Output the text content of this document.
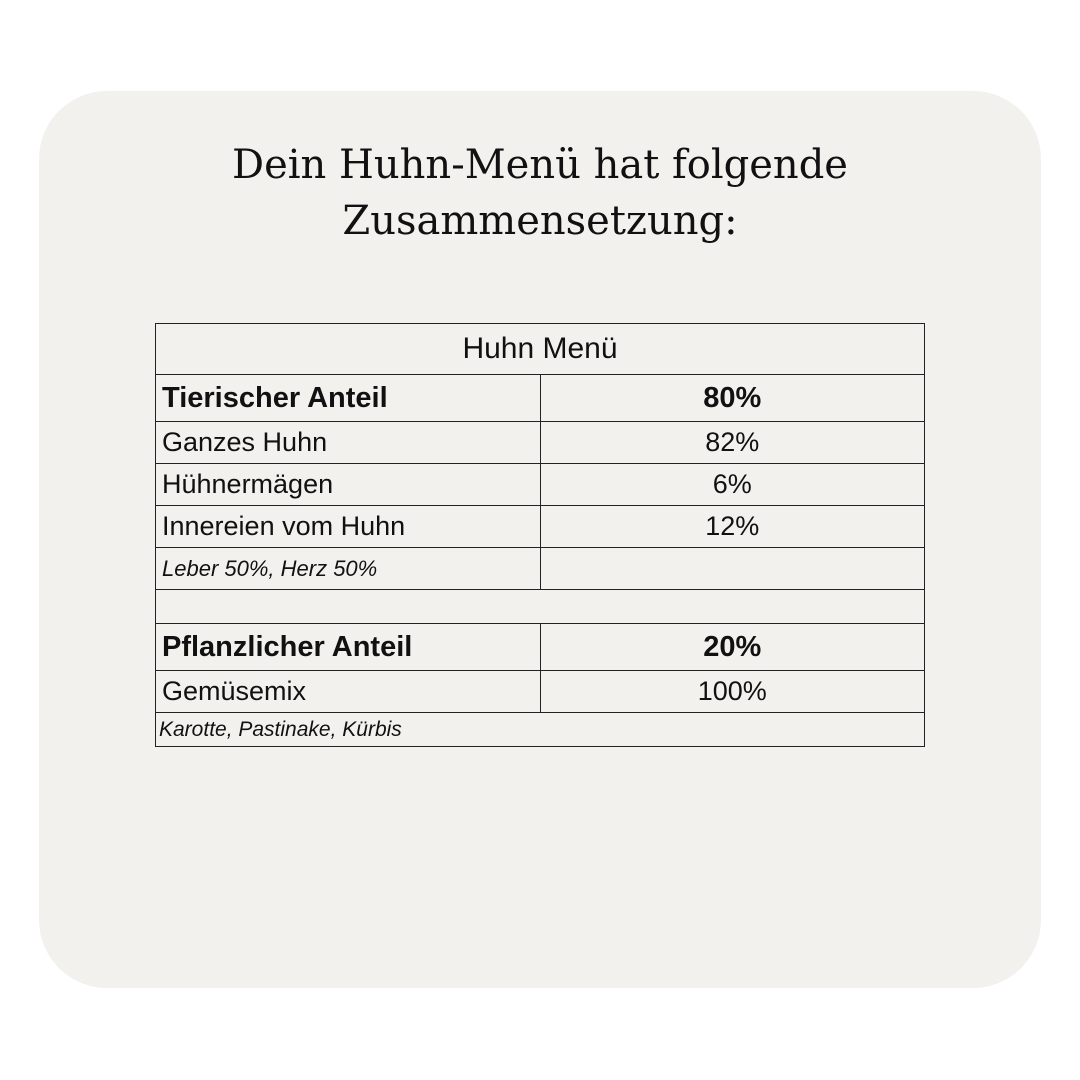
Dein Huhn-Menü hat folgende
Zusammensetzung:
Huhn Menü	
Tierischer Anteil	80%
Ganzes Huhn	82%
Hühnermägen	6%
Innereien vom Huhn	12%
Leber 50%, Herz 50%	

Pflanzlicher Anteil	20%
Gemüsemix	100%
Karotte, Pastinake, Kürbis	
